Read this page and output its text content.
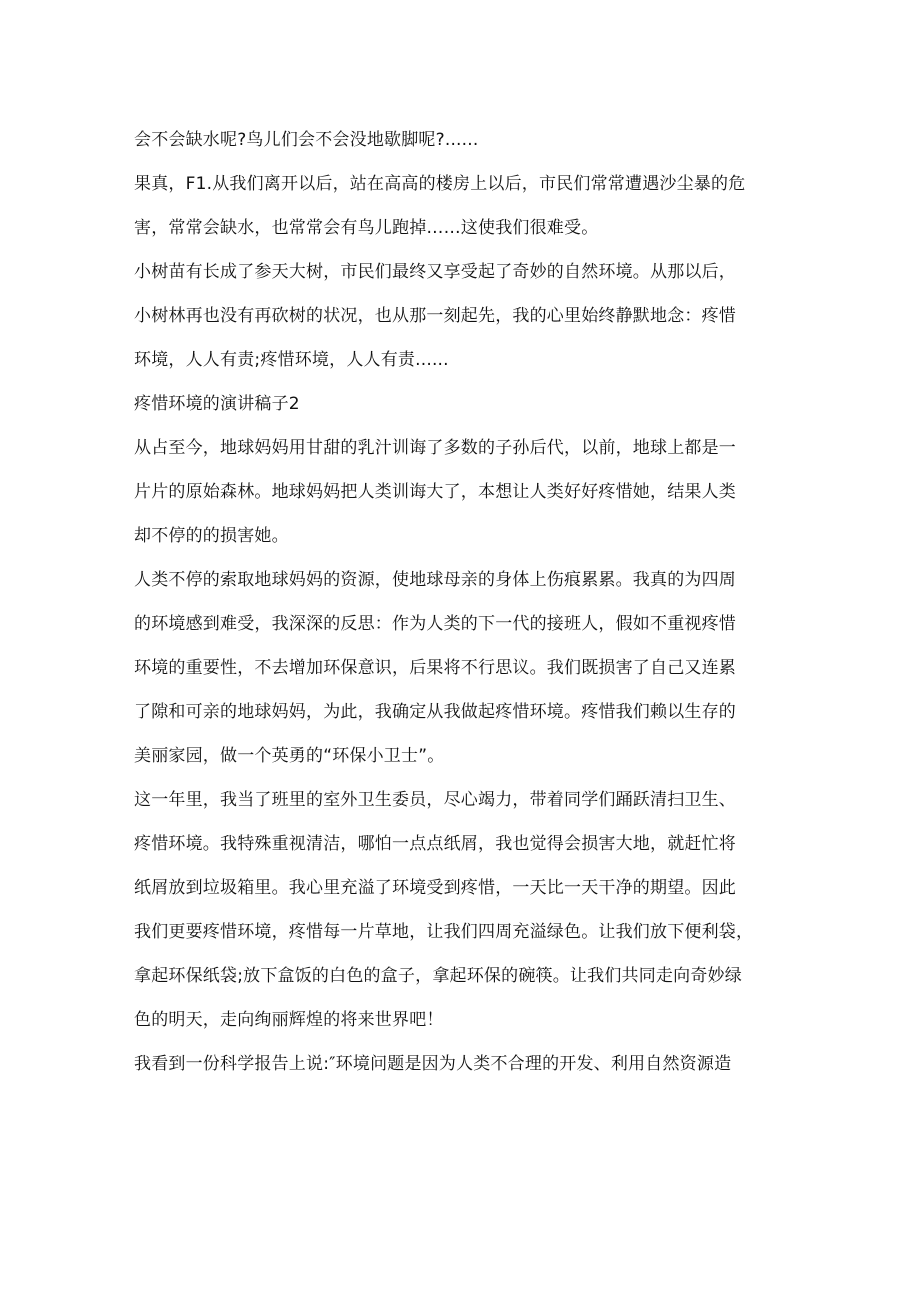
会不会缺水呢?鸟儿们会不会没地歇脚呢?......
果真，F1.从我们离开以后，站在高高的楼房上以后，市民们常常遭遇沙尘暴的危
害，常常会缺水，也常常会有鸟儿跑掉……这使我们很难受。
小树苗有长成了参天大树，市民们最终又享受起了奇妙的自然环境。从那以后，
小树林再也没有再砍树的状况，也从那一刻起先，我的心里始终静默地念：疼惜
环境，人人有责;疼惜环境，人人有责......
疼惜环境的演讲稿子2
从占至今，地球妈妈用甘甜的乳汁训诲了多数的子孙后代，以前，地球上都是一
片片的原始森林。地球妈妈把人类训诲大了，本想让人类好好疼惜她，结果人类
却不停的的损害她。
人类不停的索取地球妈妈的资源，使地球母亲的身体上伤痕累累。我真的为四周
的环境感到难受，我深深的反思：作为人类的下一代的接班人，假如不重视疼惜
环境的重要性，不去增加环保意识，后果将不行思议。我们既损害了自己又连累
了隙和可亲的地球妈妈，为此，我确定从我做起疼惜环境。疼惜我们赖以生存的
美丽家园，做一个英勇的“环保小卫士”。
这一年里，我当了班里的室外卫生委员，尽心竭力，带着同学们踊跃清扫卫生、
疼惜环境。我特殊重视清洁，哪怕一点点纸屑，我也觉得会损害大地，就赶忙将
纸屑放到垃圾箱里。我心里充溢了环境受到疼惜，一天比一天干净的期望。因此
我们更要疼惜环境，疼惜每一片草地，让我们四周充溢绿色。让我们放下便利袋，
拿起环保纸袋;放下盒饭的白色的盒子，拿起环保的碗筷。让我们共同走向奇妙绿
色的明天，走向绚丽辉煌的将来世界吧！
我看到一份科学报告上说:″环境问题是因为人类不合理的开发、利用自然资源造
